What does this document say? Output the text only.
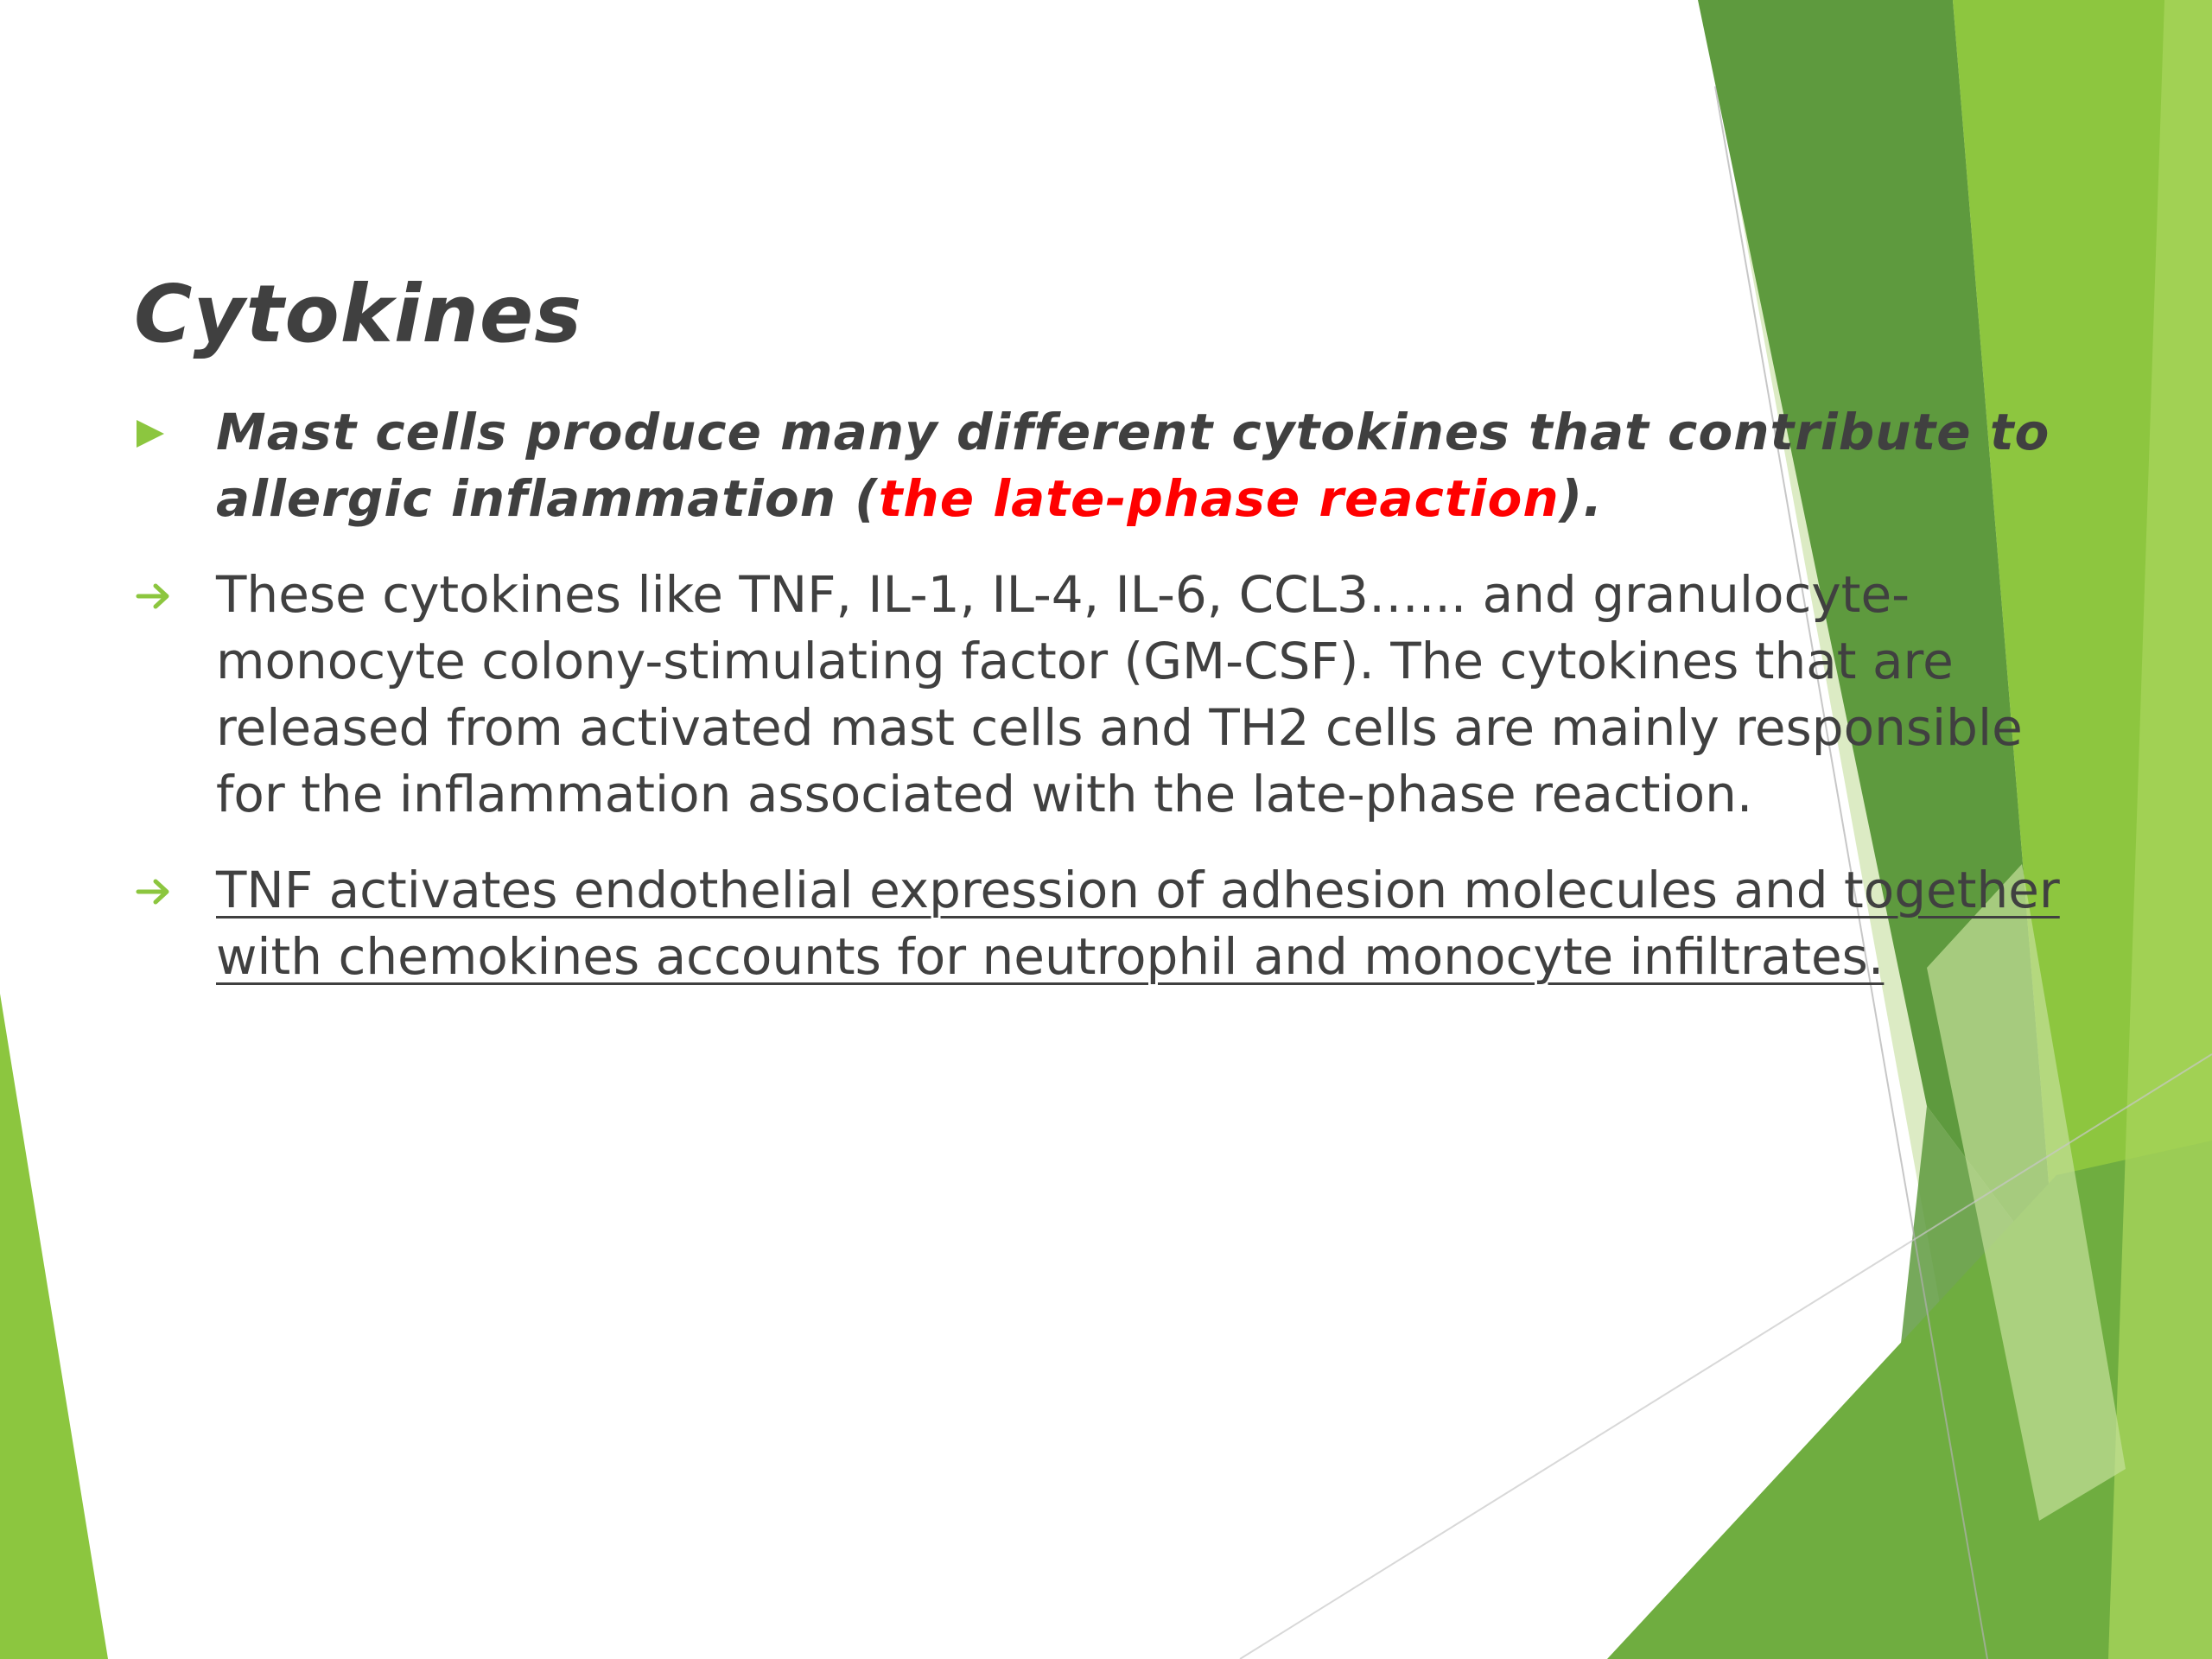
Cytokines
Mast cells produce many different cytokines that contribute to allergic inflammation (the late-phase reaction).
These cytokines like TNF, IL-1, IL-4, IL-6, CCL3…... and granulocyte-monocyte colony-stimulating factor (GM-CSF). The cytokines that are released from activated mast cells and TH2 cells are mainly responsible for the inflammation associated with the late-phase reaction.
TNF activates endothelial expression of adhesion molecules and together with chemokines accounts for neutrophil and monocyte infiltrates.
